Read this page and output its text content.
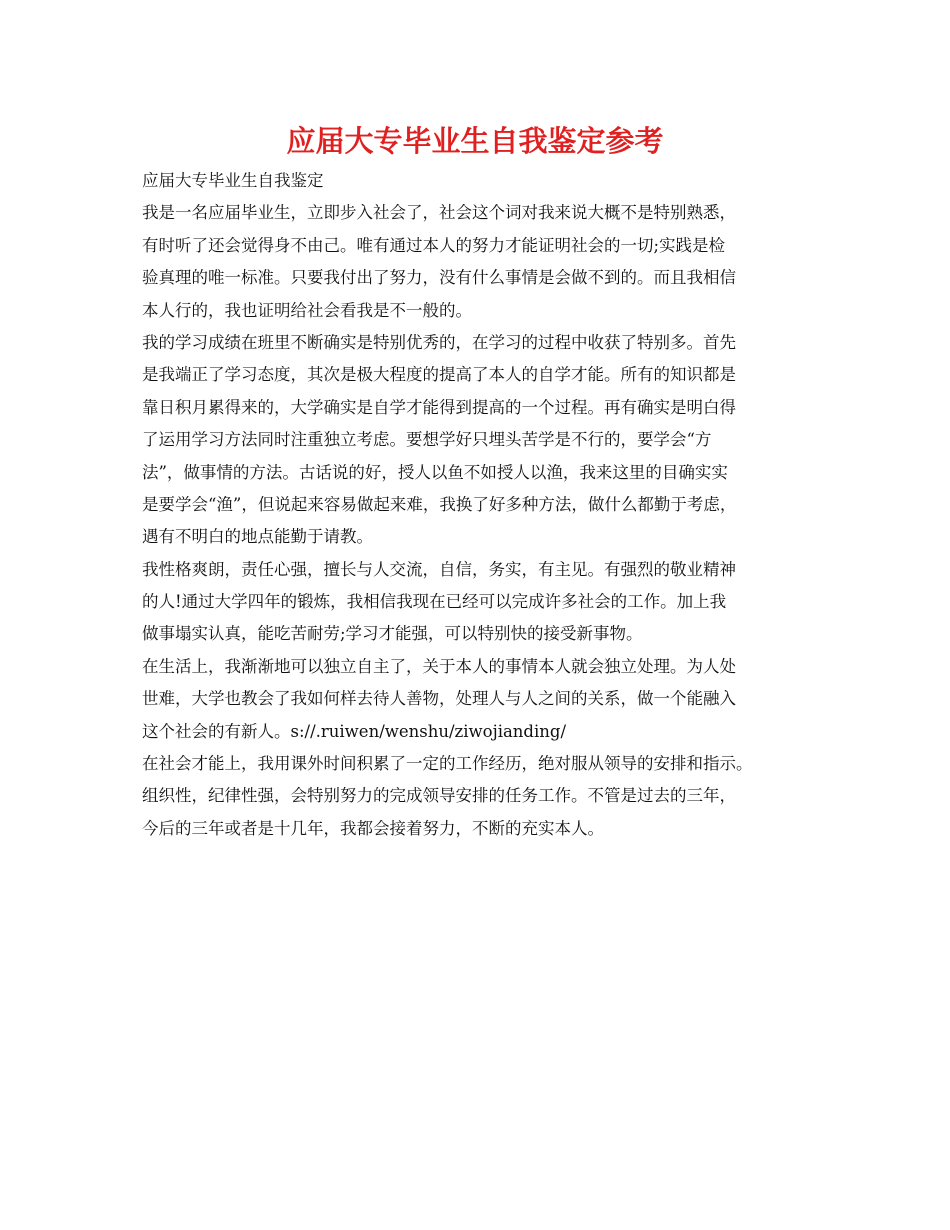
应届大专毕业生自我鉴定参考
应届大专毕业生自我鉴定
我是一名应届毕业生，立即步入社会了，社会这个词对我来说大概不是特别熟悉，
有时听了还会觉得身不由己。唯有通过本人的努力才能证明社会的一切;实践是检
验真理的唯一标准。只要我付出了努力，没有什么事情是会做不到的。而且我相信
本人行的，我也证明给社会看我是不一般的。
我的学习成绩在班里不断确实是特别优秀的，在学习的过程中收获了特别多。首先
是我端正了学习态度，其次是极大程度的提高了本人的自学才能。所有的知识都是
靠日积月累得来的，大学确实是自学才能得到提高的一个过程。再有确实是明白得
了运用学习方法同时注重独立考虑。要想学好只埋头苦学是不行的，要学会“方
法”，做事情的方法。古话说的好，授人以鱼不如授人以渔，我来这里的目确实实
是要学会“渔”，但说起来容易做起来难，我换了好多种方法，做什么都勤于考虑，
遇有不明白的地点能勤于请教。
我性格爽朗，责任心强，擅长与人交流，自信，务实，有主见。有强烈的敬业精神
的人!通过大学四年的锻炼，我相信我现在已经可以完成许多社会的工作。加上我
做事塌实认真，能吃苦耐劳;学习才能强，可以特别快的接受新事物。
在生活上，我渐渐地可以独立自主了，关于本人的事情本人就会独立处理。为人处
世难，大学也教会了我如何样去待人善物，处理人与人之间的关系，做一个能融入
这个社会的有新人。s://.ruiwen/wenshu/ziwojianding/
在社会才能上，我用课外时间积累了一定的工作经历，绝对服从领导的安排和指示。
组织性，纪律性强，会特别努力的完成领导安排的任务工作。不管是过去的三年，
今后的三年或者是十几年，我都会接着努力，不断的充实本人。
